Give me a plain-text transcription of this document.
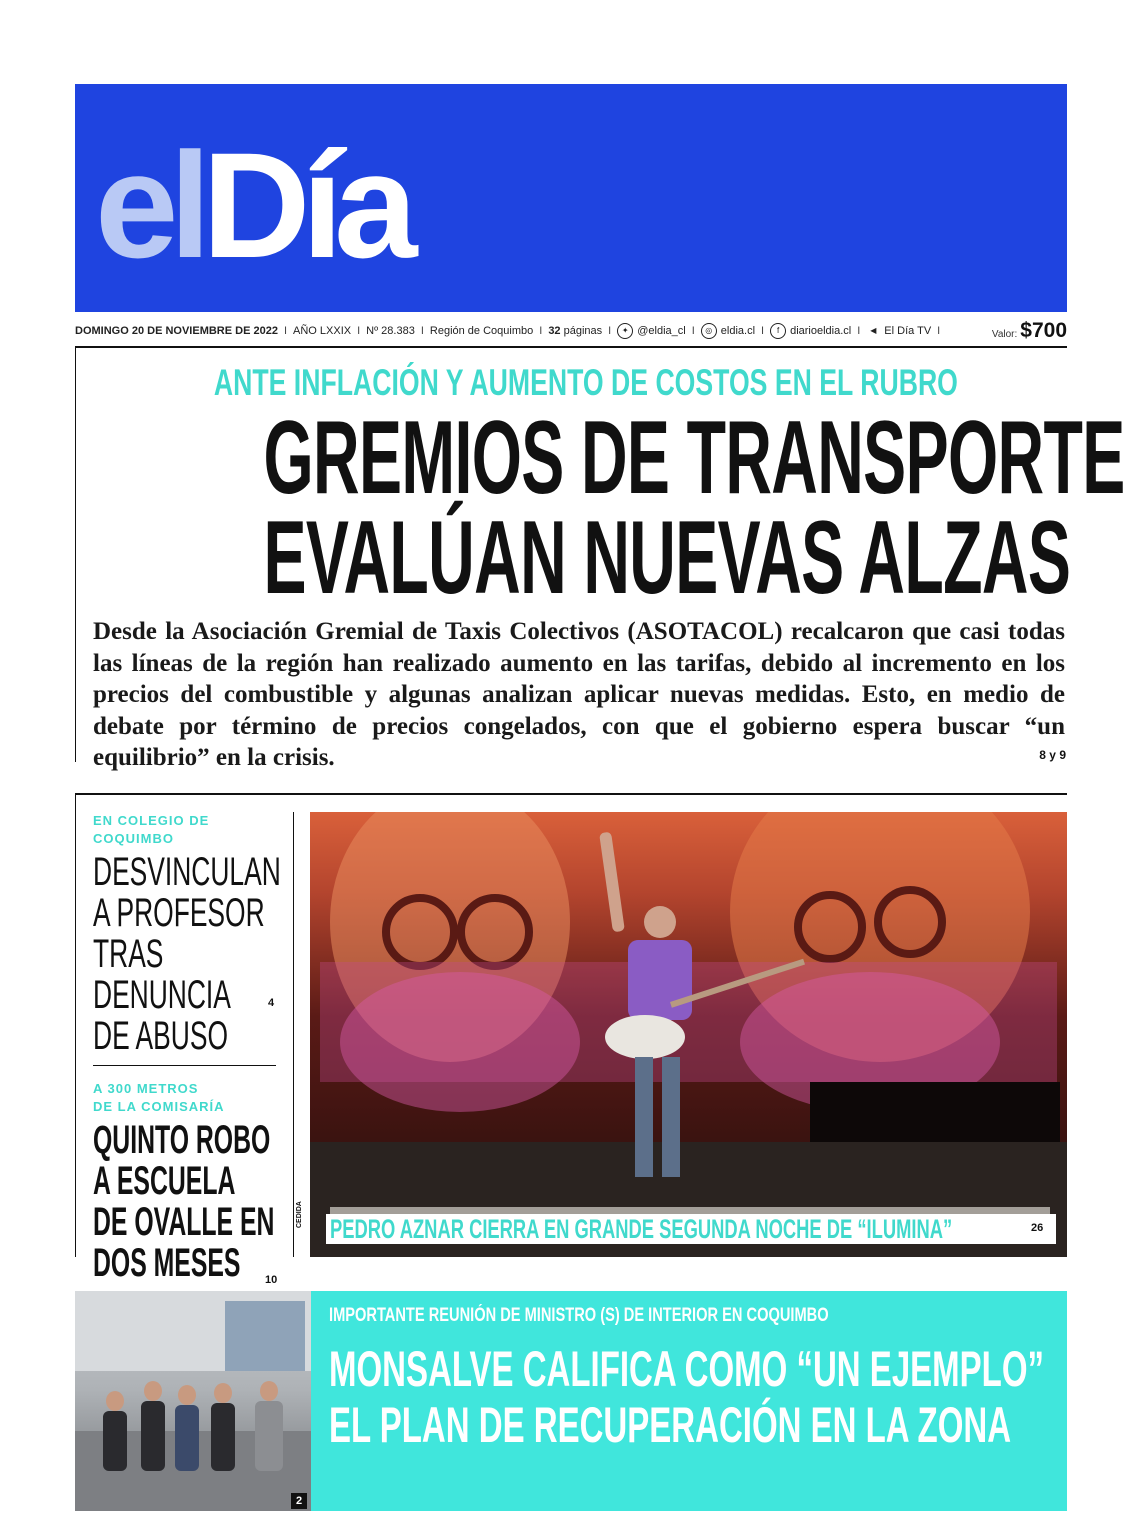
elDía
DOMINGO 20 DE NOVIEMBRE DE 2022 I AÑO LXXIX I Nº 28.383 I Región de Coquimbo I 32
páginas I	✦ @eldia_cl I	◎ eldia.cl I	f diarioeldia.cl I	◀ El Día TV I	Valor: $700
ANTE INFLACIÓN Y AUMENTO DE COSTOS EN EL RUBRO
GREMIOS DE TRANSPORTE
EVALÚAN NUEVAS ALZAS
Desde la Asociación Gremial de Taxis Colectivos (ASOTACOL) recalcaron que casi todas las líneas de la región han realizado aumento en las tarifas, debido al incremento en los precios del combustible y algunas analizan aplicar nuevas medidas. Esto, en medio de debate por término de precios congelados, con que el gobierno espera buscar “un equilibrio” en la crisis.	8 y 9
EN COLEGIO DE
COQUIMBO
DESVINCULAN
A PROFESOR
TRAS DENUNCIA
DE ABUSO
4
A 300 METROS
DE LA COMISARÍA
QUINTO ROBO
A ESCUELA
DE OVALLE EN
DOS MESES	10
PEDRO AZNAR CIERRA EN GRANDE SEGUNDA NOCHE DE “ILUMINA”	26
CEDIDA
2
IMPORTANTE REUNIÓN DE MINISTRO (S) DE INTERIOR EN COQUIMBO
MONSALVE CALIFICA COMO “UN EJEMPLO”
EL PLAN DE RECUPERACIÓN EN LA ZONA
